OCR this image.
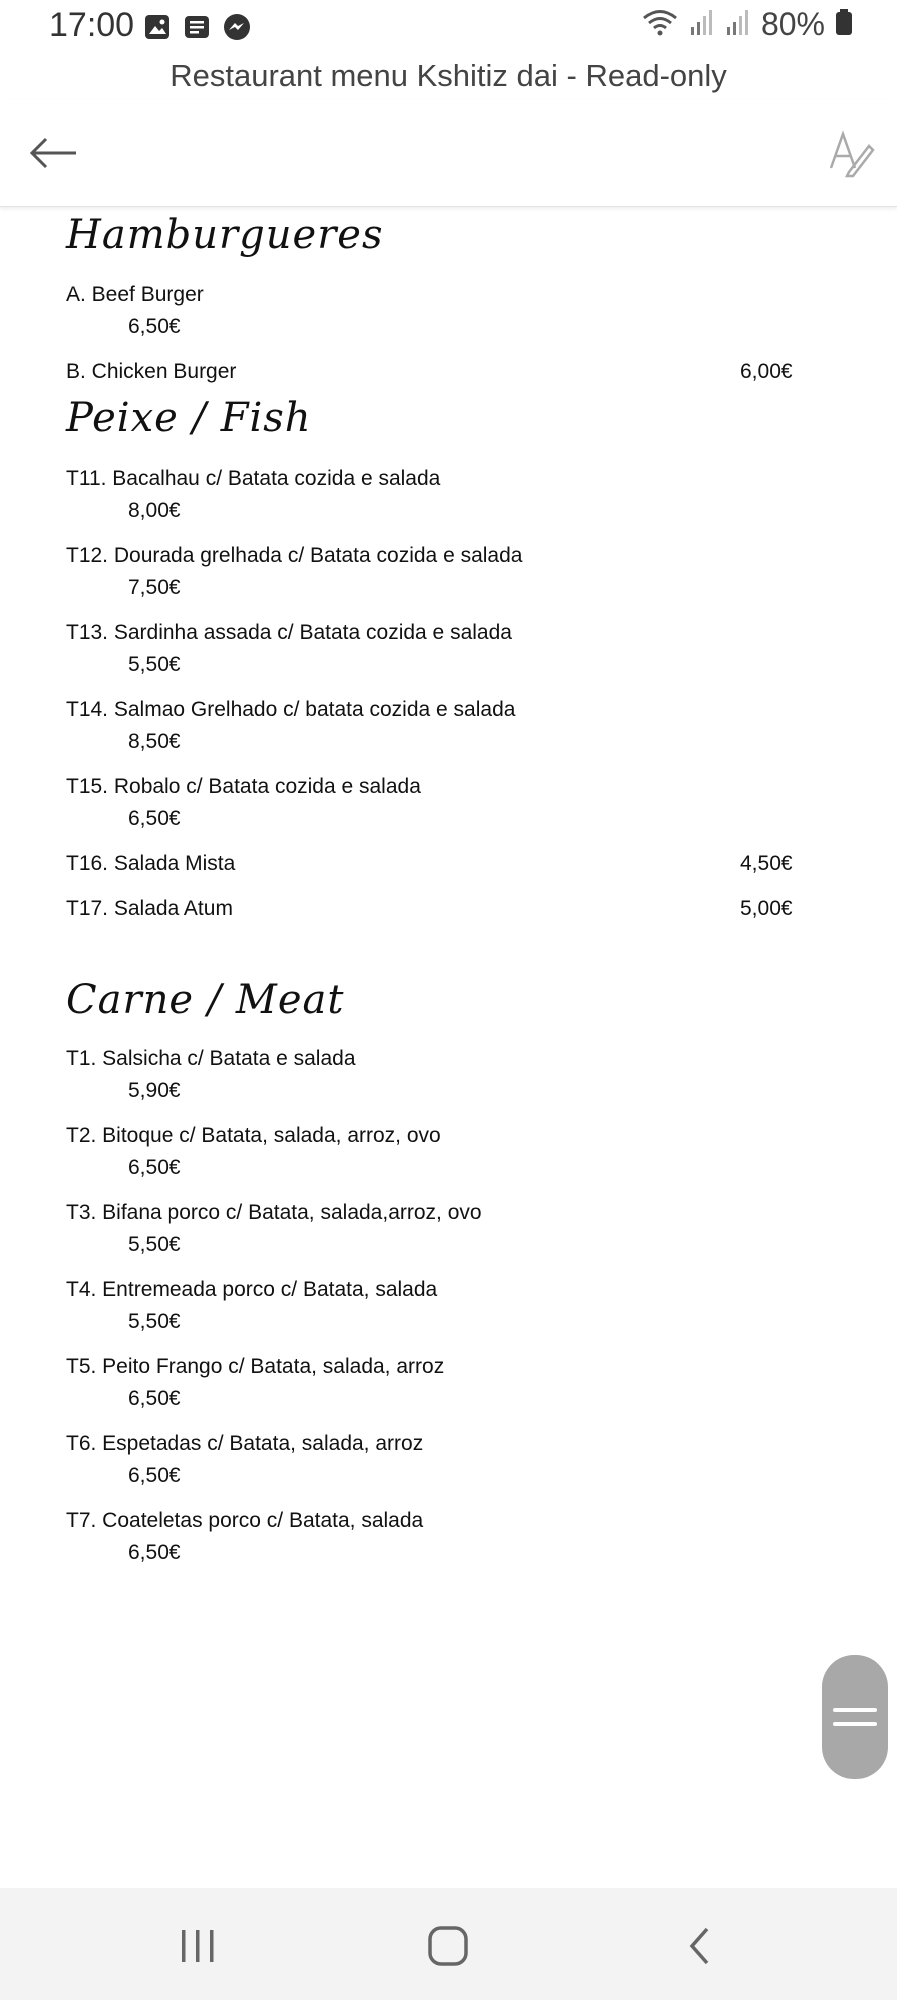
17:00	80%
Restaurant menu Kshitiz dai - Read-only
Hamburgueres
A. Beef Burger
6,50€
B. Chicken Burger	6,00€
Peixe / Fish
T11. Bacalhau c/ Batata cozida e salada
8,00€
T12. Dourada grelhada c/ Batata cozida e salada
7,50€
T13. Sardinha assada c/ Batata cozida e salada
5,50€
T14. Salmao Grelhado c/ batata cozida e salada
8,50€
T15. Robalo c/ Batata cozida e salada
6,50€
T16. Salada Mista	4,50€
T17. Salada Atum	5,00€
Carne / Meat
T1. Salsicha c/ Batata e salada
5,90€
T2. Bitoque c/ Batata, salada, arroz, ovo
6,50€
T3. Bifana porco c/ Batata, salada,arroz, ovo
5,50€
T4. Entremeada porco c/ Batata, salada
5,50€
T5. Peito Frango c/ Batata, salada, arroz
6,50€
T6. Espetadas c/ Batata, salada, arroz
6,50€
T7. Coateletas porco c/ Batata, salada
6,50€
